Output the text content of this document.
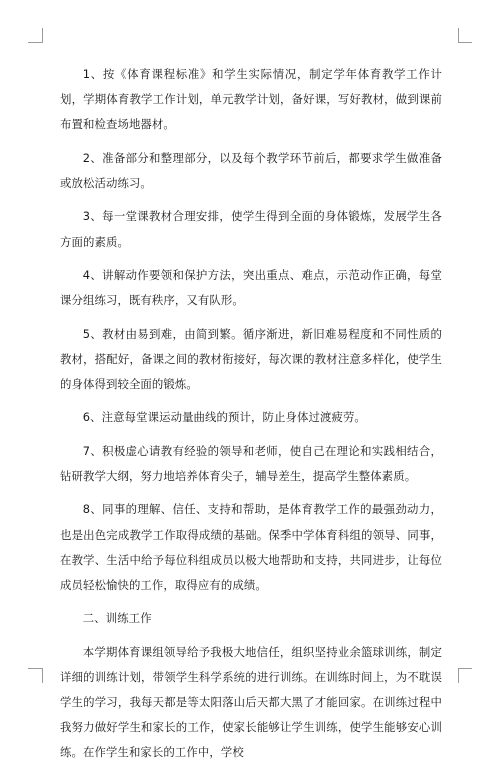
1、按《体育课程标准》和学生实际情况，制定学年体育教学工作计划，学期体育教学工作计划，单元教学计划，备好课，写好教材，做到课前布置和检查场地器材。

2、准备部分和整理部分，以及每个教学环节前后，都要求学生做准备或放松活动练习。

3、每一堂课教材合理安排，使学生得到全面的身体锻炼，发展学生各方面的素质。

4、讲解动作要领和保护方法，突出重点、难点，示范动作正确，每堂课分组练习，既有秩序，又有队形。

5、教材由易到难，由简到繁。循序渐进，新旧难易程度和不同性质的教材，搭配好，备课之间的教材衔接好，每次课的教材注意多样化，使学生的身体得到较全面的锻炼。

6、注意每堂课运动量曲线的预计，防止身体过渡疲劳。

7、积极虚心请教有经验的领导和老师，使自己在理论和实践相结合，钻研教学大纲，努力地培养体育尖子，辅导差生，提高学生整体素质。

8、同事的理解、信任、支持和帮助，是体育教学工作的最强劲动力，也是出色完成教学工作取得成绩的基础。保季中学体育科组的领导、同事，在教学、生活中给予每位科组成员以极大地帮助和支持，共同进步，让每位成员轻松愉快的工作，取得应有的成绩。

二、训练工作

本学期体育课组领导给予我极大地信任，组织坚持业余篮球训练，制定详细的训练计划，带领学生科学系统的进行训练。在训练时间上，为不耽误学生的学习，我每天都是等太阳落山后天都大黑了才能回家。在训练过程中我努力做好学生和家长的工作，使家长能够让学生训练，使学生能够安心训练。在作学生和家长的工作中，学校
